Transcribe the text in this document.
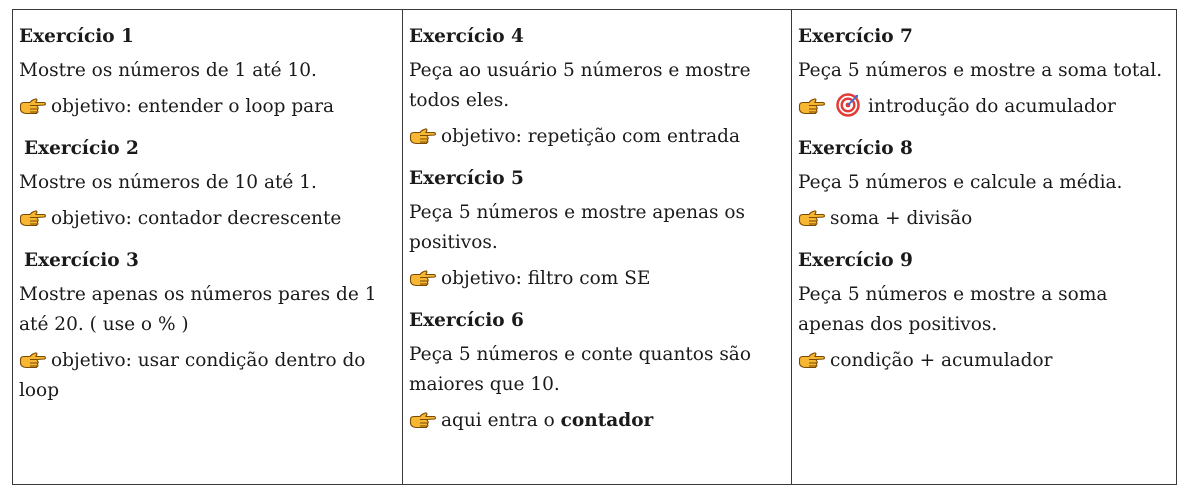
Exercício 1
Mostre os números de 1 até 10.
objetivo: entender o loop para
Exercício 2
Mostre os números de 10 até 1.
objetivo: contador decrescente
Exercício 3
Mostre apenas os números pares de 1 até 20. ( use o % )
objetivo: usar condição dentro do loop
Exercício 4
Peça ao usuário 5 números e mostre todos eles.
objetivo: repetição com entrada
Exercício 5
Peça 5 números e mostre apenas os positivos.
objetivo: filtro com SE
Exercício 6
Peça 5 números e conte quantos são maiores que 10.
aqui entra o contador
Exercício 7
Peça 5 números e mostre a soma total.
introdução do acumulador
Exercício 8
Peça 5 números e calcule a média.
soma + divisão
Exercício 9
Peça 5 números e mostre a soma apenas dos positivos.
condição + acumulador
